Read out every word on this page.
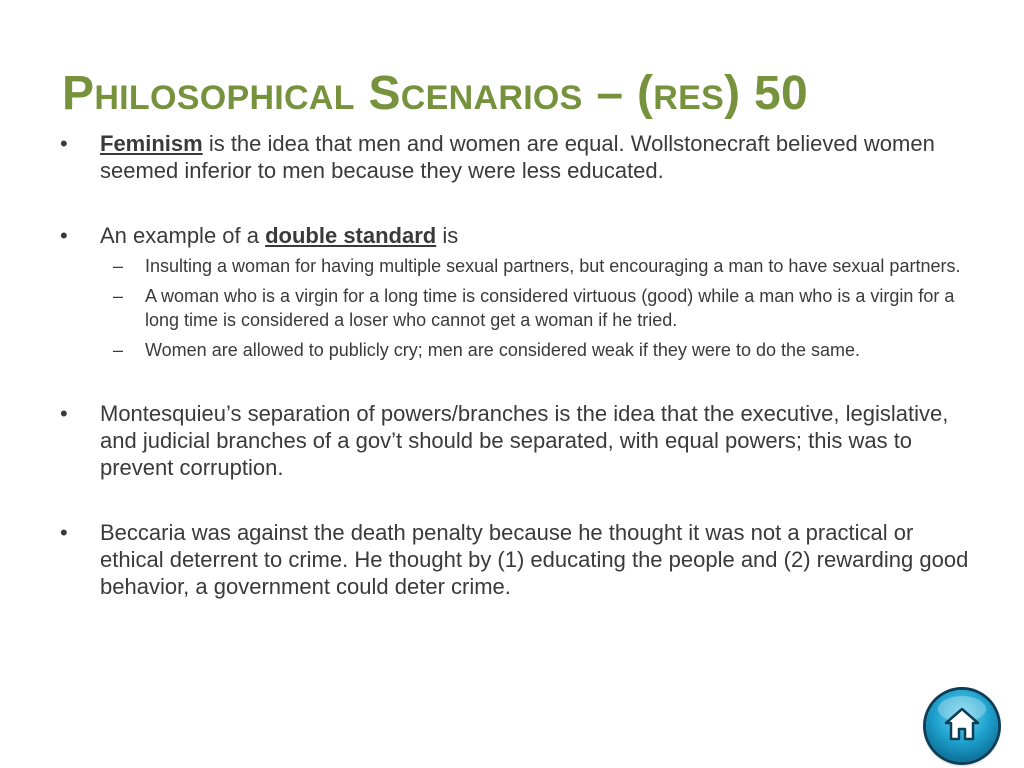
Philosophical Scenarios – (res) 50

•	Feminism is the idea that men and women are equal. Wollstonecraft believed women seemed inferior to men because they were less educated.

•	An example of a double standard is

– Insulting a woman for having multiple sexual partners, but encouraging a man to have sexual partners.

– A woman who is a virgin for a long time is considered virtuous (good) while a man who is a virgin for a long time is considered a loser who cannot get a woman if he tried.

– Women are allowed to publicly cry; men are considered weak if they were to do the same.

•	Montesquieu’s separation of powers/branches is the idea that the executive, legislative, and judicial branches of a gov’t should be separated, with equal powers; this was to prevent corruption.

•	Beccaria was against the death penalty because he thought it was not a practical or ethical deterrent to crime. He thought by (1) educating the people and (2) rewarding good behavior, a government could deter crime.
